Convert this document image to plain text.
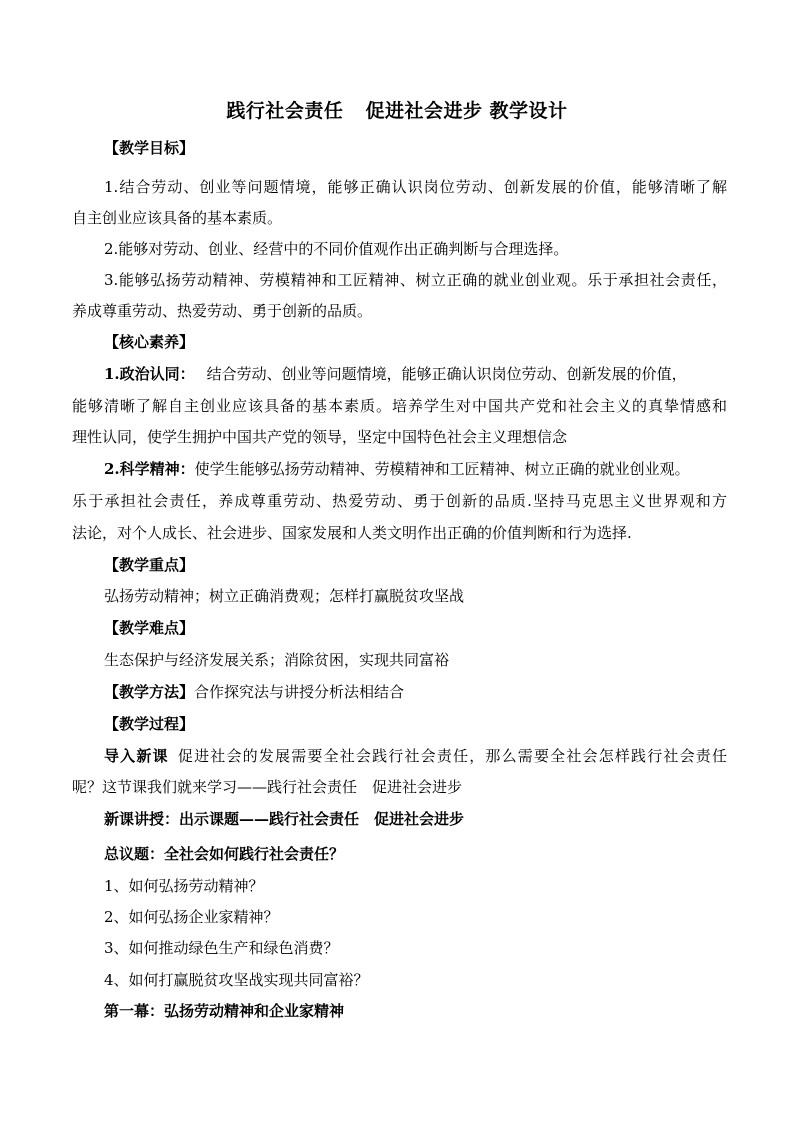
践行社会责任 促进社会进步 教学设计
【教学目标】
1.结合劳动、创业等问题情境，能够正确认识岗位劳动、创新发展的价值，能够清晰了解
自主创业应该具备的基本素质。
2.能够对劳动、创业、经营中的不同价值观作出正确判断与合理选择。
3.能够弘扬劳动精神、劳模精神和工匠精神、树立正确的就业创业观。乐于承担社会责任，
养成尊重劳动、热爱劳动、勇于创新的品质。
【核心素养】
1.政治认同： 结合劳动、创业等问题情境，能够正确认识岗位劳动、创新发展的价值，
能够清晰了解自主创业应该具备的基本素质。培养学生对中国共产党和社会主义的真挚情感和
理性认同，使学生拥护中国共产党的领导，坚定中国特色社会主义理想信念
2.科学精神：使学生能够弘扬劳动精神、劳模精神和工匠精神、树立正确的就业创业观。
乐于承担社会责任，养成尊重劳动、热爱劳动、勇于创新的品质.坚持马克思主义世界观和方
法论，对个人成长、社会进步、国家发展和人类文明作出正确的价值判断和行为选择.
【教学重点】
弘扬劳动精神；树立正确消费观；怎样打赢脱贫攻坚战
【教学难点】
生态保护与经济发展关系；消除贫困，实现共同富裕
【教学方法】合作探究法与讲授分析法相结合
【教学过程】
导入新课 促进社会的发展需要全社会践行社会责任，那么需要全社会怎样践行社会责任
呢？这节课我们就来学习——践行社会责任　促进社会进步
新课讲授：出示课题——践行社会责任　促进社会进步
总议题：全社会如何践行社会责任？
1、如何弘扬劳动精神？
2、如何弘扬企业家精神？
3、如何推动绿色生产和绿色消费？
4、如何打赢脱贫攻坚战实现共同富裕？
第一幕：弘扬劳动精神和企业家精神
